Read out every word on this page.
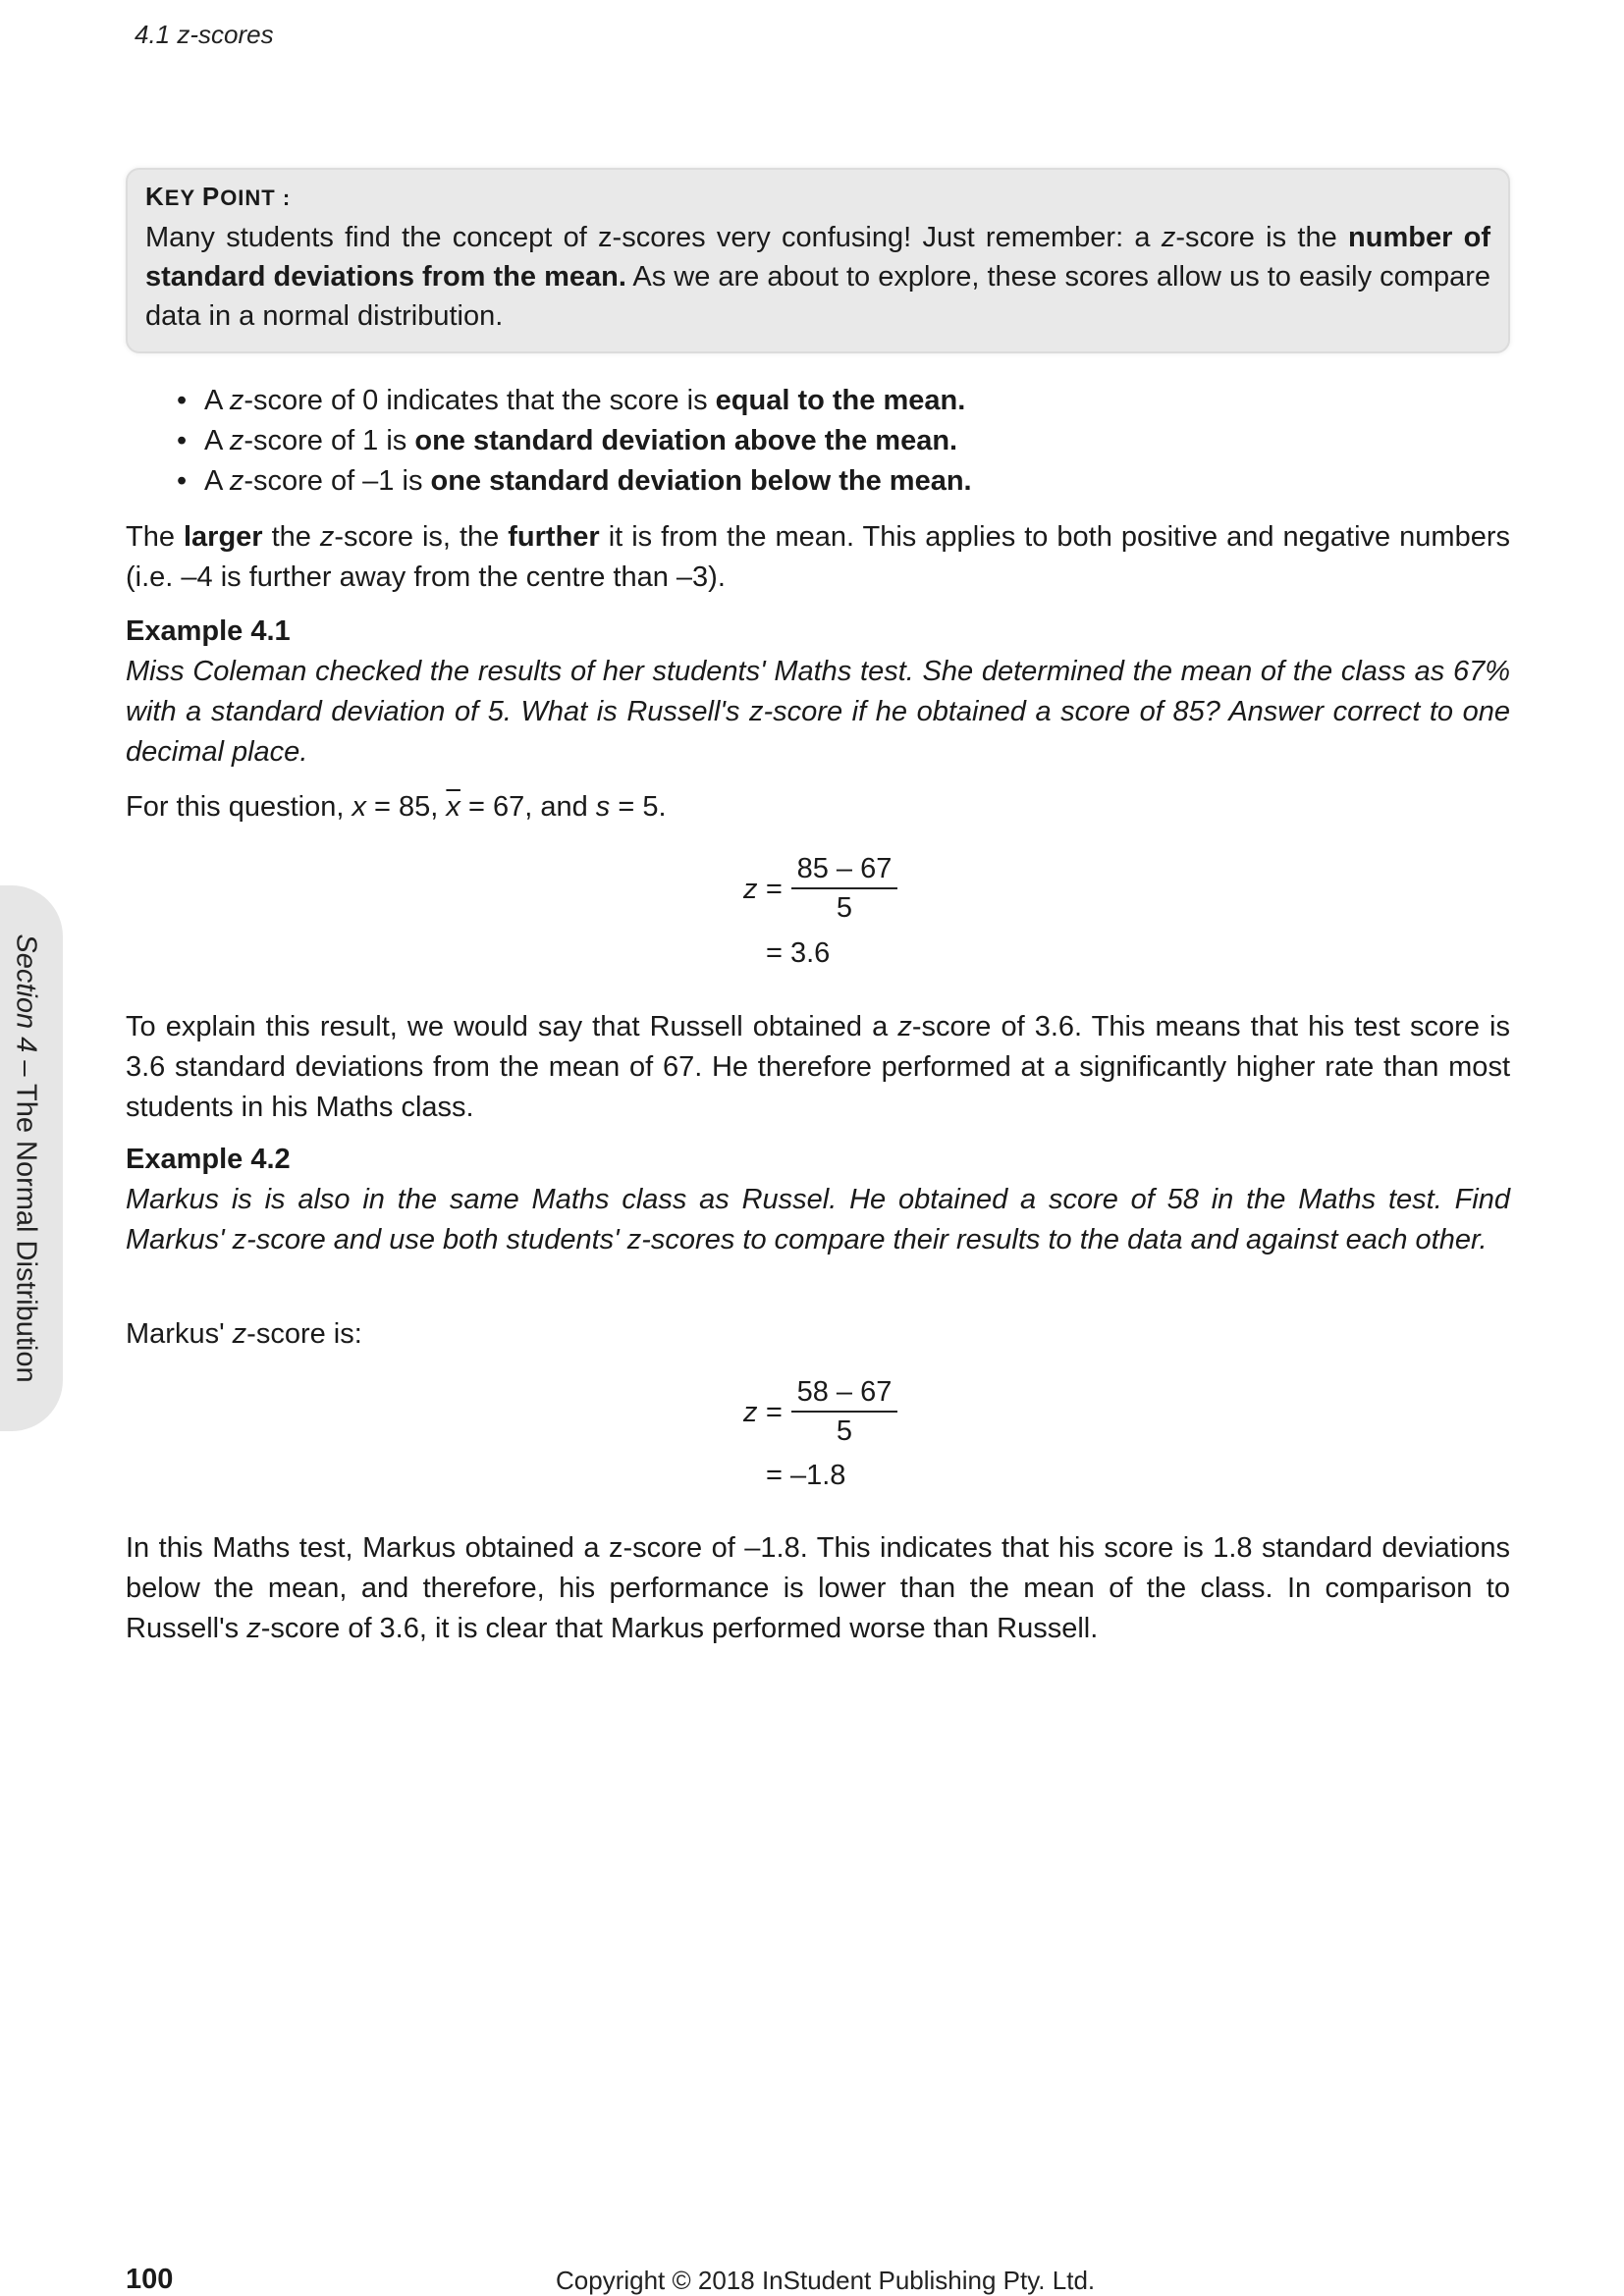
4.1 z-scores
KEY POINT :
Many students find the concept of z-scores very confusing! Just remember: a z-score is the number of standard deviations from the mean. As we are about to explore, these scores allow us to easily compare data in a normal distribution.
• A z-score of 0 indicates that the score is equal to the mean.
• A z-score of 1 is one standard deviation above the mean.
• A z-score of –1 is one standard deviation below the mean.
The larger the z-score is, the further it is from the mean. This applies to both positive and negative numbers (i.e. –4 is further away from the centre than –3).
Example 4.1
Miss Coleman checked the results of her students' Maths test. She determined the mean of the class as 67% with a standard deviation of 5. What is Russell's z-score if he obtained a score of 85? Answer correct to one decimal place.
For this question, x = 85, $\overline{x} = 67$, and s = 5.
$z = \frac{85 - 67}{5}$
= 3.6
To explain this result, we would say that Russell obtained a z-score of 3.6. This means that his test score is 3.6 standard deviations from the mean of 67. He therefore performed at a significantly higher rate than most students in his Maths class.
Example 4.2
Markus is is also in the same Maths class as Russel. He obtained a score of 58 in the Maths test. Find Markus' z-score and use both students' z-scores to compare their results to the data and against each other.
Markus' z-score is:
$z = \frac{58 - 67}{5}$
= –1.8
In this Maths test, Markus obtained a z-score of –1.8. This indicates that his score is 1.8 standard deviations below the mean, and therefore, his performance is lower than the mean of the class. In comparison to Russell's z-score of 3.6, it is clear that Markus performed worse than Russell.
Section 4 – The Normal Distribution
100	Copyright © 2018 InStudent Publishing Pty. Ltd.
